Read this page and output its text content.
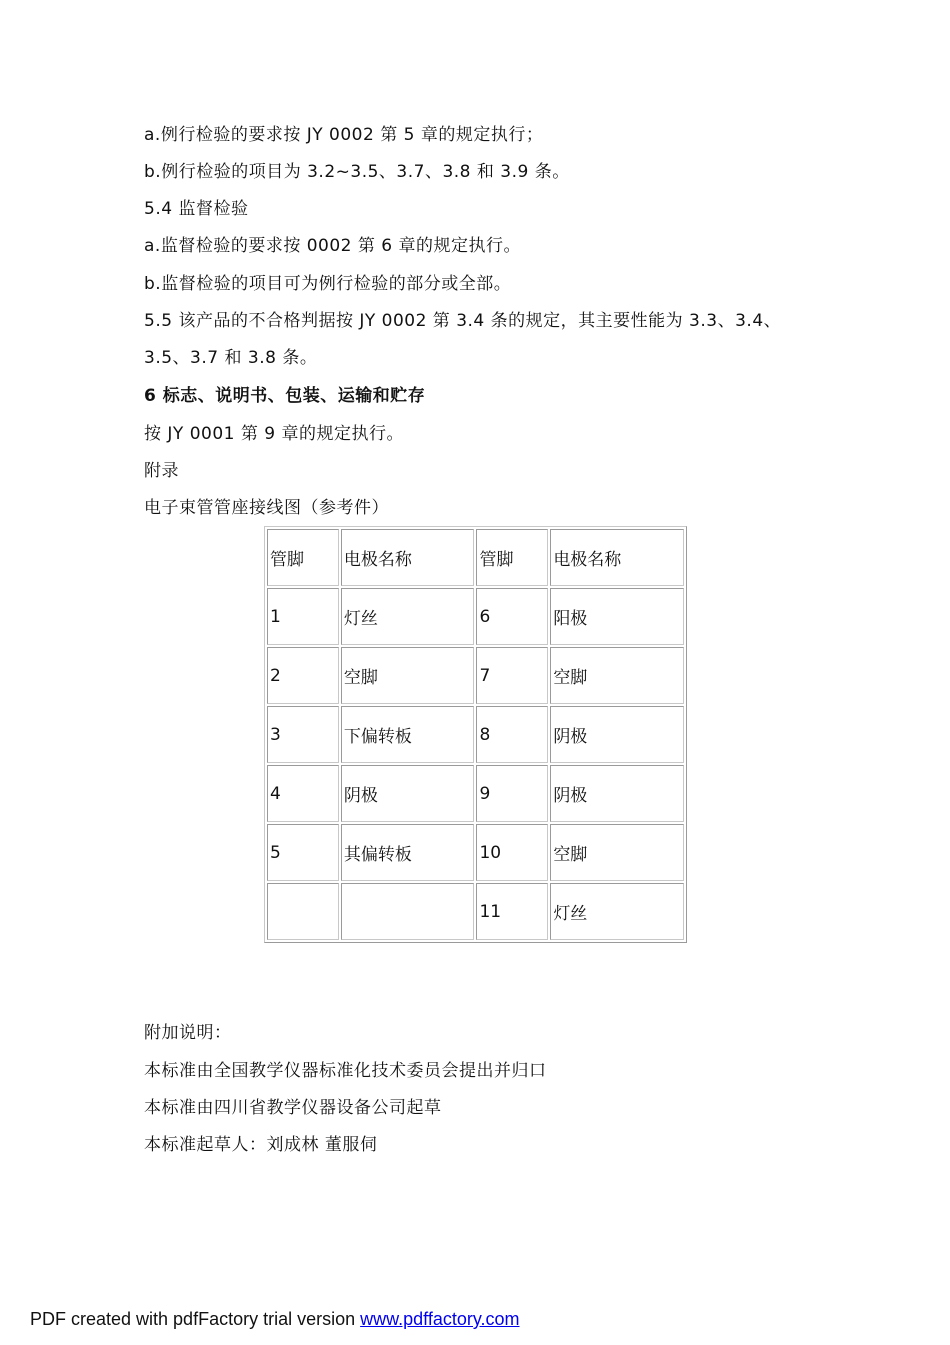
a.例行检验的要求按 JY 0002 第 5 章的规定执行；
b.例行检验的项目为 3.2~3.5、3.7、3.8 和 3.9 条。
5.4 监督检验
a.监督检验的要求按 0002 第 6 章的规定执行。
b.监督检验的项目可为例行检验的部分或全部。
5.5 该产品的不合格判据按 JY 0002 第 3.4 条的规定，其主要性能为 3.3、3.4、
3.5、3.7 和 3.8 条。
6 标志、说明书、包装、运输和贮存
按 JY 0001 第 9 章的规定执行。
附录
电子束管管座接线图（参考件）
管脚	电极名称	管脚	电极名称
1	灯丝	6	阳极
2	空脚	7	空脚
3	下偏转板	8	阴极
4	阴极	9	阴极
5	其偏转板	10	空脚
		11	灯丝
附加说明：
本标准由全国教学仪器标准化技术委员会提出并归口
本标准由四川省教学仪器设备公司起草
本标准起草人：刘成林 董服伺
PDF created with pdfFactory trial version www.pdffactory.com
